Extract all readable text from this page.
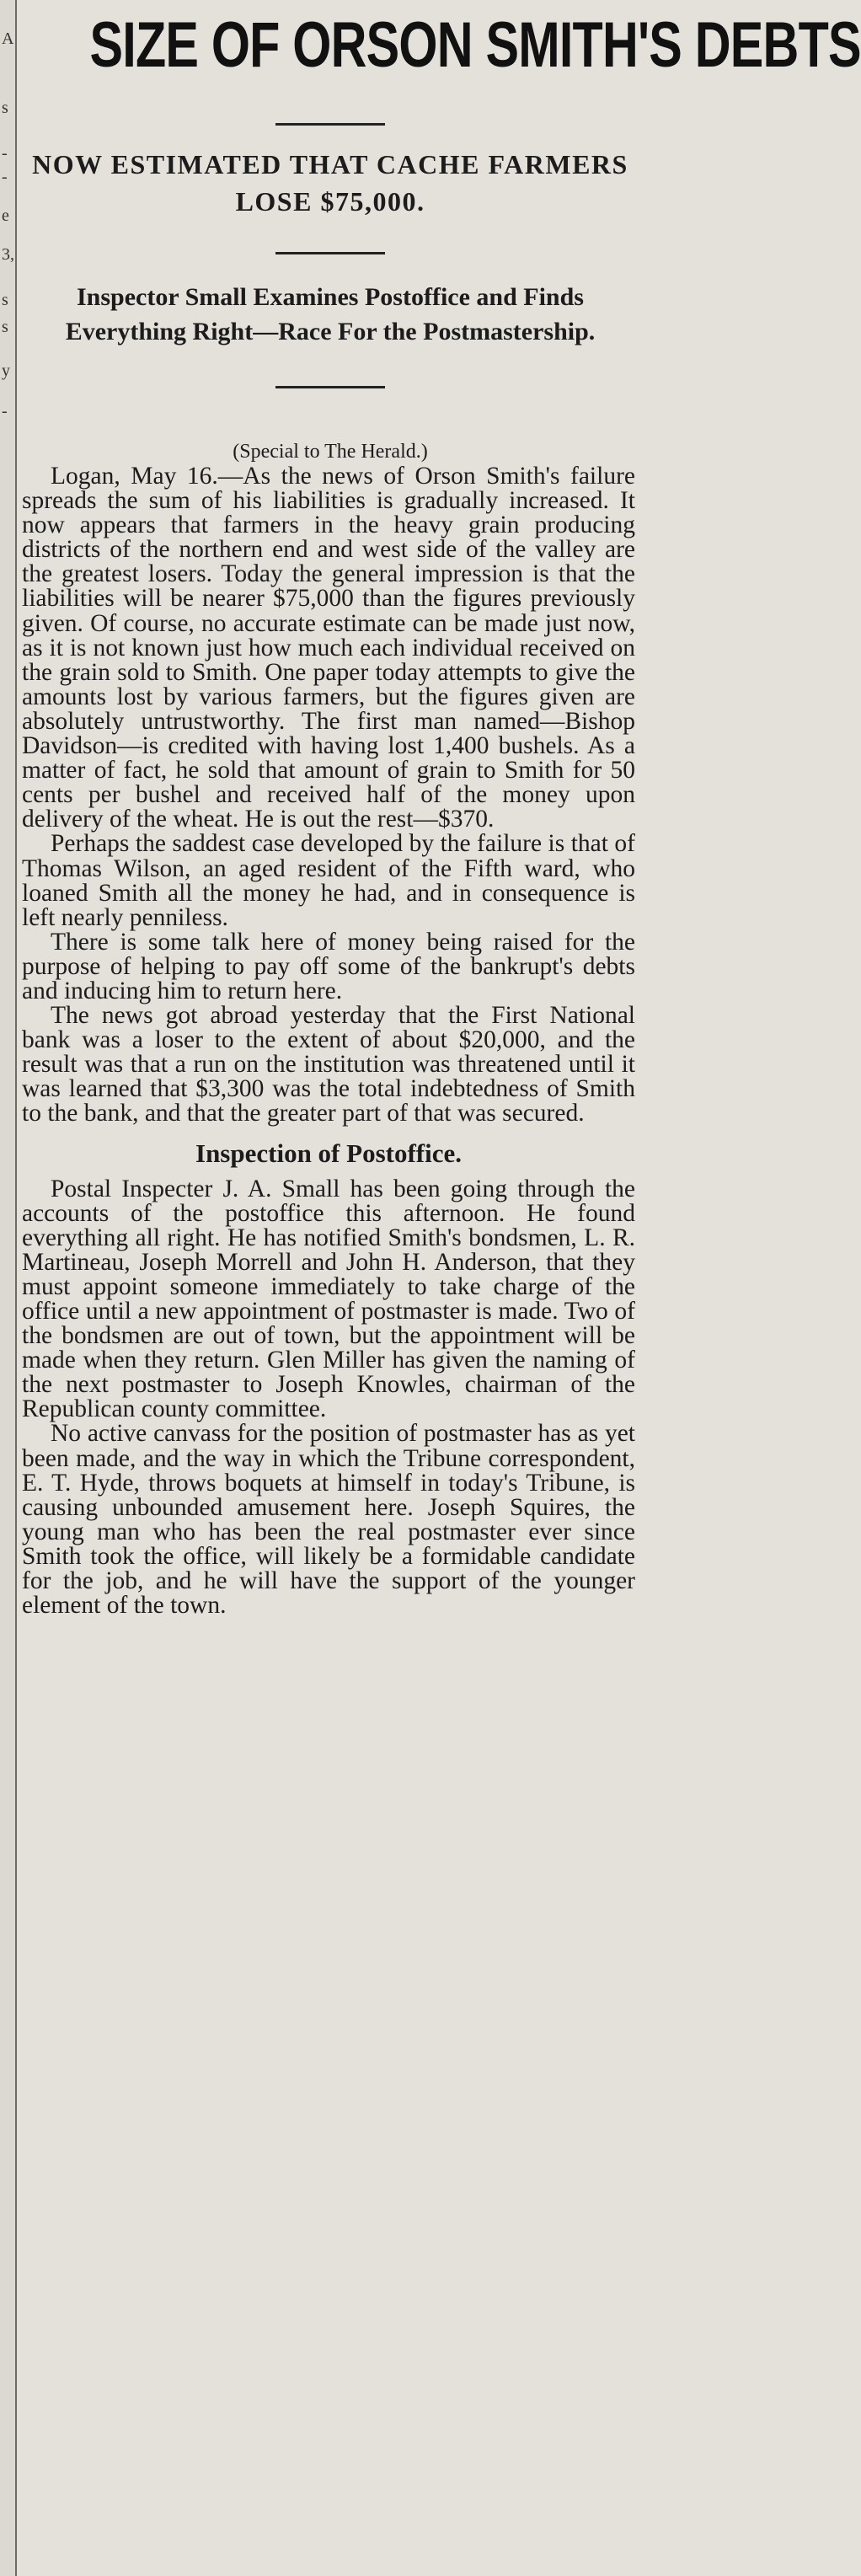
A
s
-
-
e
3,
s
s
y
-
SIZE OF ORSON SMITH'S DEBTS
NOW ESTIMATED THAT CACHE FARMERS LOSE $75,000.
Inspector Small Examines Postoffice and Finds Everything Right—Race For the Postmastership.
(Special to The Herald.)

Logan, May 16.—As the news of Orson Smith's failure spreads the sum of his liabilities is gradually increased. It now appears that farmers in the heavy grain producing districts of the northern end and west side of the valley are the greatest losers. Today the general impression is that the liabilities will be nearer $75,000 than the figures previously given. Of course, no accurate estimate can be made just now, as it is not known just how much each individual received on the grain sold to Smith. One paper today attempts to give the amounts lost by various farmers, but the figures given are absolutely untrustworthy. The first man named—Bishop Davidson—is credited with having lost 1,400 bushels. As a matter of fact, he sold that amount of grain to Smith for 50 cents per bushel and received half of the money upon delivery of the wheat. He is out the rest—$370.

Perhaps the saddest case developed by the failure is that of Thomas Wilson, an aged resident of the Fifth ward, who loaned Smith all the money he had, and in consequence is left nearly penniless.

There is some talk here of money being raised for the purpose of helping to pay off some of the bankrupt's debts and inducing him to return here.

The news got abroad yesterday that the First National bank was a loser to the extent of about $20,000, and the result was that a run on the institution was threatened until it was learned that $3,300 was the total indebtedness of Smith to the bank, and that the greater part of that was secured.

Inspection of Postoffice.

Postal Inspecter J. A. Small has been going through the accounts of the postoffice this afternoon. He found everything all right. He has notified Smith's bondsmen, L. R. Martineau, Joseph Morrell and John H. Anderson, that they must appoint someone immediately to take charge of the office until a new appointment of postmaster is made. Two of the bondsmen are out of town, but the appointment will be made when they return. Glen Miller has given the naming of the next postmaster to Joseph Knowles, chairman of the Republican county committee.

No active canvass for the position of postmaster has as yet been made, and the way in which the Tribune correspondent, E. T. Hyde, throws boquets at himself in today's Tribune, is causing unbounded amusement here. Joseph Squires, the young man who has been the real postmaster ever since Smith took the office, will likely be a formidable candidate for the job, and he will have the support of the younger element of the town.
